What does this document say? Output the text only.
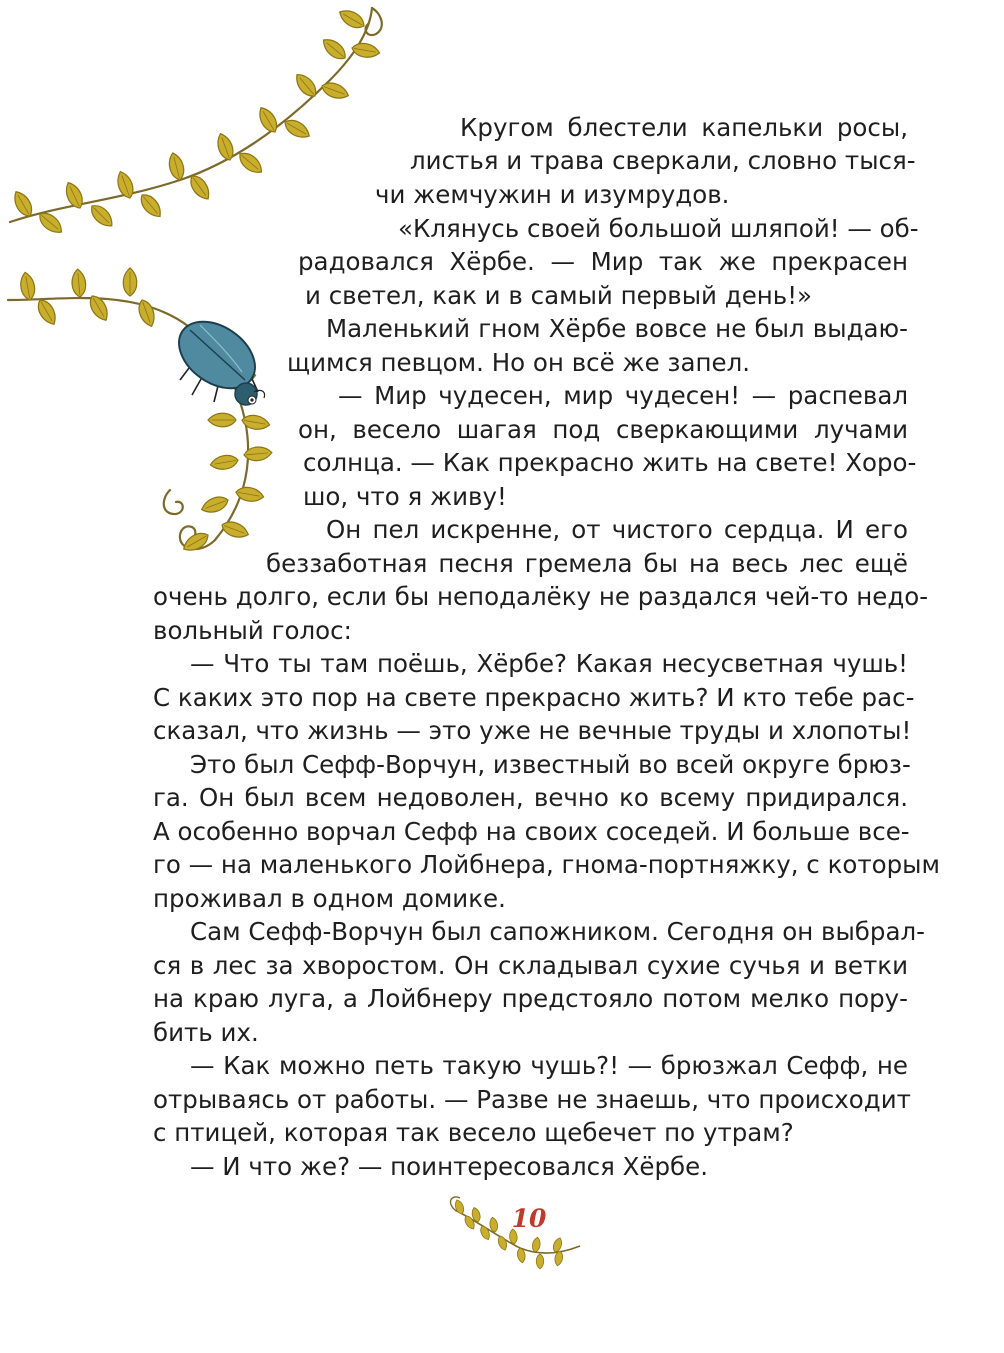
Кругом блестели капельки росы,
листья и трава сверкали, словно тыся-
чи жемчужин и изумрудов.
«Клянусь своей большой шляпой! — об-
радовался Хёрбе. — Мир так же прекрасен
и светел, как и в самый первый день!»
Маленький гном Хёрбе вовсе не был выдаю-
щимся певцом. Но он всё же запел.
— Мир чудесен, мир чудесен! — распевал
он, весело шагая под сверкающими лучами
солнца. — Как прекрасно жить на свете! Хоро-
шо, что я живу!
Он пел искренне, от чистого сердца. И его
беззаботная песня гремела бы на весь лес ещё
очень долго, если бы неподалёку не раздался чей-то недо-
вольный голос:
— Что ты там поёшь, Хёрбе? Какая несусветная чушь!
С каких это пор на свете прекрасно жить? И кто тебе рас-
сказал, что жизнь — это уже не вечные труды и хлопоты!
Это был Сефф-Ворчун, известный во всей округе брюз-
га. Он был всем недоволен, вечно ко всему придирался.
А особенно ворчал Сефф на своих соседей. И больше все-
го — на маленького Лойбнера, гнома-портняжку, с которым
проживал в одном домике.
Сам Сефф-Ворчун был сапожником. Сегодня он выбрал-
ся в лес за хворостом. Он складывал сухие сучья и ветки
на краю луга, а Лойбнеру предстояло потом мелко пору-
бить их.
— Как можно петь такую чушь?! — брюзжал Сефф, не
отрываясь от работы. — Разве не знаешь, что происходит
с птицей, которая так весело щебечет по утрам?
— И что же? — поинтересовался Хёрбе.
10
